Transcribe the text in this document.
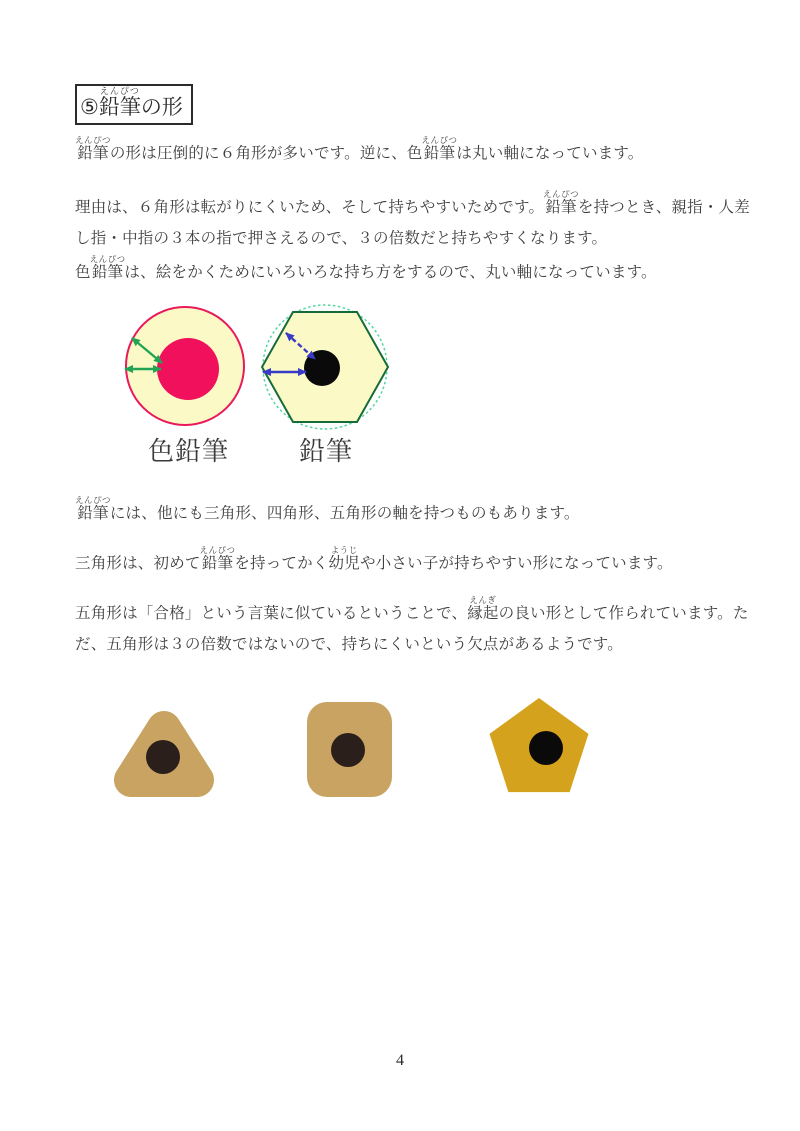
⑤鉛筆えんぴつの形

鉛筆えんぴつの形は圧倒的に６角形が多いです。逆に、色鉛筆えんぴつは丸い軸になっています。

理由は、６角形は転がりにくいため、そして持ちやすいためです。鉛筆えんぴつを持つとき、親指・人差し指・中指の３本の指で押さえるので、３の倍数だと持ちやすくなります。

色鉛筆えんぴつは、絵をかくためにいろいろな持ち方をするので、丸い軸になっています。

色鉛筆	鉛筆

鉛筆えんぴつには、他にも三角形、四角形、五角形の軸を持つものもあります。

三角形は、初めて鉛筆えんぴつを持ってかく幼児ようじや小さい子が持ちやすい形になっています。

五角形は「合格」という言葉に似ているということで、縁起えんぎの良い形として作られています。ただ、五角形は３の倍数ではないので、持ちにくいという欠点があるようです。

4
